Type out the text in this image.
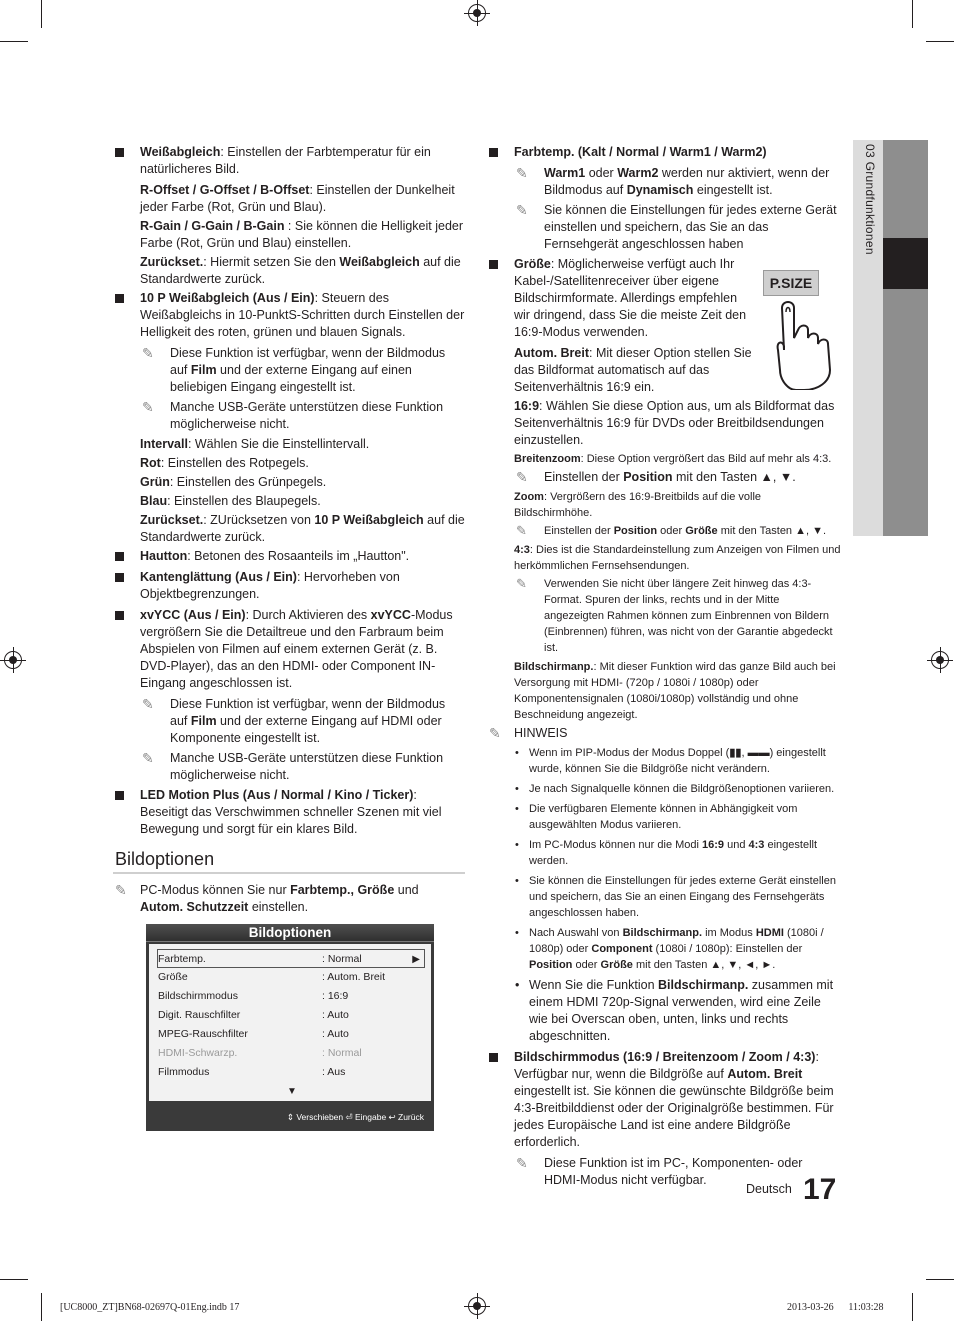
03 Grundfunktionen
Weißabgleich: Einstellen der Farbtemperatur für ein natürlicheres Bild.
R-Offset / G-Offset / B-Offset: Einstellen der Dunkelheit jeder Farbe (Rot, Grün und Blau).
R-Gain / G-Gain / B-Gain : Sie können die Helligkeit jeder Farbe (Rot, Grün und Blau) einstellen.
Zurückset.: Hiermit setzen Sie den Weißabgleich auf die Standardwerte zurück.
10 P Weißabgleich (Aus / Ein): Steuern des Weißabgleichs in 10-PunktS-Schritten durch Einstellen der Helligkeit des roten, grünen und blauen Signals.
✎ Diese Funktion ist verfügbar, wenn der Bildmodus auf Film und der externe Eingang auf einen beliebigen Eingang eingestellt ist.
✎ Manche USB-Geräte unterstützen diese Funktion möglicherweise nicht.
Intervall: Wählen Sie die Einstellintervall.
Rot: Einstellen des Rotpegels.
Grün: Einstellen des Grünpegels.
Blau: Einstellen des Blaupegels.
Zurückset.: ZUrücksetzen von 10 P Weißabgleich auf die Standardwerte zurück.
Hautton: Betonen des Rosaanteils im „Hautton".
Kantenglättung (Aus / Ein): Hervorheben von Objektbegrenzungen.
xvYCC (Aus / Ein): Durch Aktivieren des xvYCC-Modus vergrößern Sie die Detailtreue und den Farbraum beim Abspielen von Filmen auf einem externen Gerät (z. B. DVD-Player), das an den HDMI- oder Component IN-Eingang angeschlossen ist.
✎ Diese Funktion ist verfügbar, wenn der Bildmodus auf Film und der externe Eingang auf HDMI oder Komponente eingestellt ist.
✎ Manche USB-Geräte unterstützen diese Funktion möglicherweise nicht.
LED Motion Plus (Aus / Normal / Kino / Ticker): Beseitigt das Verschwimmen schneller Szenen mit viel Bewegung und sorgt für ein klares Bild.
Bildoptionen
✎ PC-Modus können Sie nur Farbtemp., Größe und Autom. Schutzzeit einstellen.
Bildoptionen
Farbtemp.	: Normal	▶
Größe	: Autom. Breit
Bildschirmmodus	: 16:9
Digit. Rauschfilter	: Auto
MPEG-Rauschfilter	: Auto
HDMI-Schwarzp.	: Normal
Filmmodus	: Aus
▼
⇕ Verschieben ⏎ Eingabe ↩ Zurück
Farbtemp. (Kalt / Normal / Warm1 / Warm2)
✎ Warm1 oder Warm2 werden nur aktiviert, wenn der Bildmodus auf Dynamisch eingestellt ist.
✎ Sie können die Einstellungen für jedes externe Gerät einstellen und speichern, das Sie an das Fernsehgerät angeschlossen haben
Größe: Möglicherweise verfügt auch Ihr Kabel-/Satellitenreceiver über eigene Bildschirmformate. Allerdings empfehlen wir dringend, dass Sie die meiste Zeit den 16:9-Modus verwenden.
Autom. Breit: Mit dieser Option stellen Sie das Bildformat automatisch auf das Seitenverhältnis 16:9 ein.
16:9: Wählen Sie diese Option aus, um als Bildformat das Seitenverhältnis 16:9 für DVDs oder Breitbildsendungen einzustellen.
Breitenzoom: Diese Option vergrößert das Bild auf mehr als 4:3.
✎ Einstellen der Position mit den Tasten ▲, ▼.
Zoom: Vergrößern des 16:9-Breitbilds auf die volle Bildschirmhöhe.
✎ Einstellen der Position oder Größe mit den Tasten ▲, ▼.
4:3: Dies ist die Standardeinstellung zum Anzeigen von Filmen und herkömmlichen Fernsehsendungen.
✎ Verwenden Sie nicht über längere Zeit hinweg das 4:3-Format. Spuren der links, rechts und in der Mitte angezeigten Rahmen können zum Einbrennen von Bildern (Einbrennen) führen, was nicht von der Garantie abgedeckt ist.
Bildschirmanp.: Mit dieser Funktion wird das ganze Bild auch bei Versorgung mit HDMI- (720p / 1080i / 1080p) oder Komponentensignalen (1080i/1080p) vollständig und ohne Beschneidung angezeigt.
✎ HINWEIS
• Wenn im PIP-Modus der Modus Doppel (▮▮, ▬▬) eingestellt wurde, können Sie die Bildgröße nicht verändern.
• Je nach Signalquelle können die Bildgrößenoptionen variieren.
• Die verfügbaren Elemente können in Abhängigkeit vom ausgewählten Modus variieren.
• Im PC-Modus können nur die Modi 16:9 und 4:3 eingestellt werden.
• Sie können die Einstellungen für jedes externe Gerät einstellen und speichern, das Sie an einen Eingang des Fernsehgeräts angeschlossen haben.
• Nach Auswahl von Bildschirmanp. im Modus HDMI (1080i / 1080p) oder Component (1080i / 1080p): Einstellen der Position oder Größe mit den Tasten ▲, ▼, ◄, ►.
• Wenn Sie die Funktion Bildschirmanp. zusammen mit einem HDMI 720p-Signal verwenden, wird eine Zeile wie bei Overscan oben, unten, links und rechts abgeschnitten.
Bildschirmmodus (16:9 / Breitenzoom / Zoom / 4:3): Verfügbar nur, wenn die Bildgröße auf Autom. Breit eingestellt ist. Sie können die gewünschte Bildgröße beim 4:3-Breitbilddienst oder der Originalgröße bestimmen. Für jedes Europäische Land ist eine andere Bildgröße erforderlich.
✎ Diese Funktion ist im PC-, Komponenten- oder HDMI-Modus nicht verfügbar.
P.SIZE
Deutsch 17
[UC8000_ZT]BN68-02697Q-01Eng.indb 17	2013-03-26 ﾠ 11:03:28
